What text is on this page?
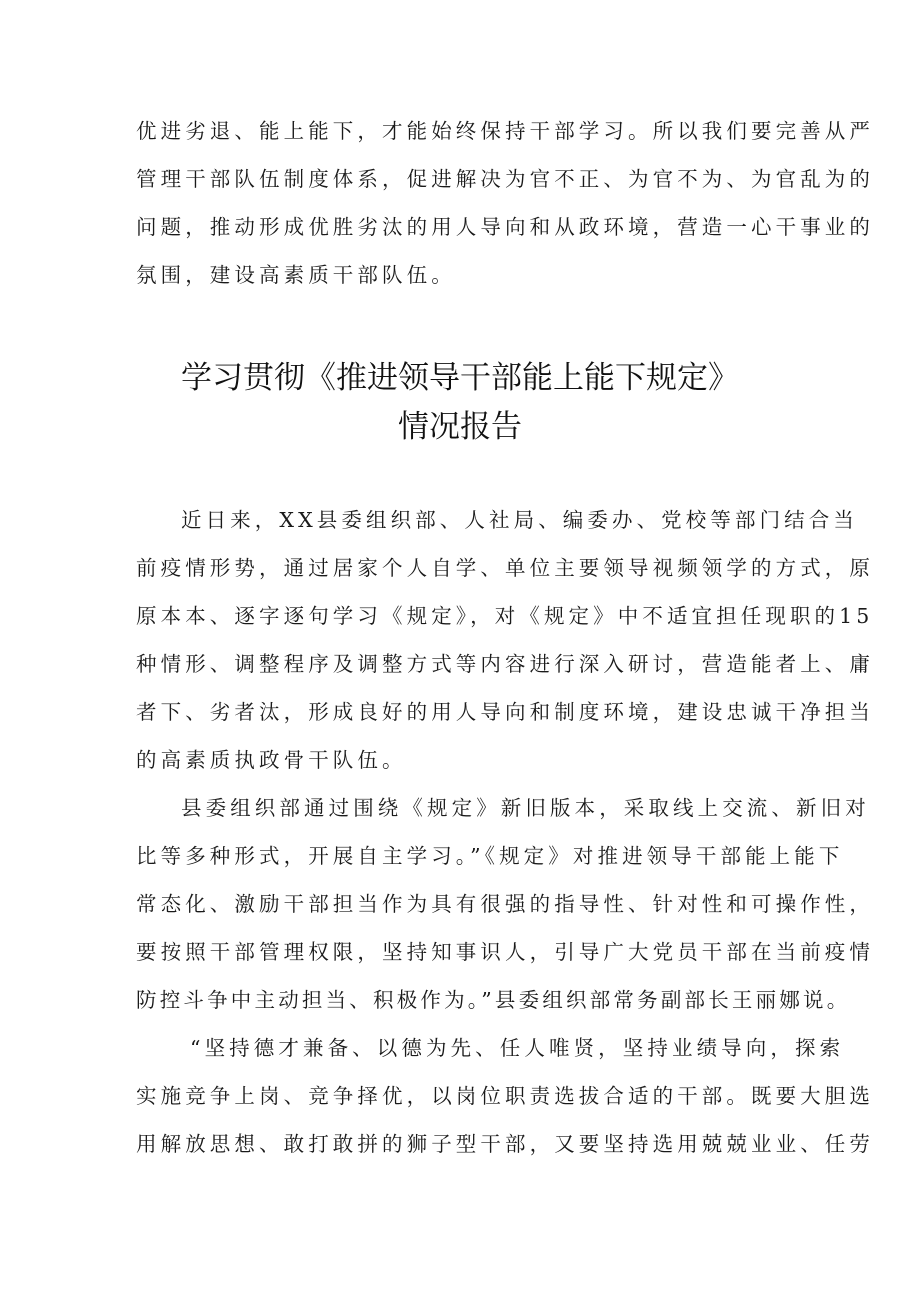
优进劣退、能上能下，才能始终保持干部学习。所以我们要完善从严
管理干部队伍制度体系，促进解决为官不正、为官不为、为官乱为的
问题，推动形成优胜劣汰的用人导向和从政环境，营造一心干事业的
氛围，建设高素质干部队伍。
学习贯彻《推进领导干部能上能下规定》
情况报告
近日来，XX县委组织部、人社局、编委办、党校等部门结合当
前疫情形势，通过居家个人自学、单位主要领导视频领学的方式，原
原本本、逐字逐句学习《规定》，对《规定》中不适宜担任现职的15
种情形、调整程序及调整方式等内容进行深入研讨，营造能者上、庸
者下、劣者汰，形成良好的用人导向和制度环境，建设忠诚干净担当
的高素质执政骨干队伍。
县委组织部通过围绕《规定》新旧版本，采取线上交流、新旧对
比等多种形式，开展自主学习。”《规定》对推进领导干部能上能下
常态化、激励干部担当作为具有很强的指导性、针对性和可操作性，
要按照干部管理权限，坚持知事识人，引导广大党员干部在当前疫情
防控斗争中主动担当、积极作为。”县委组织部常务副部长王丽娜说。
“坚持德才兼备、以德为先、任人唯贤，坚持业绩导向，探索
实施竞争上岗、竞争择优，以岗位职责选拔合适的干部。既要大胆选
用解放思想、敢打敢拼的狮子型干部，又要坚持选用兢兢业业、任劳
